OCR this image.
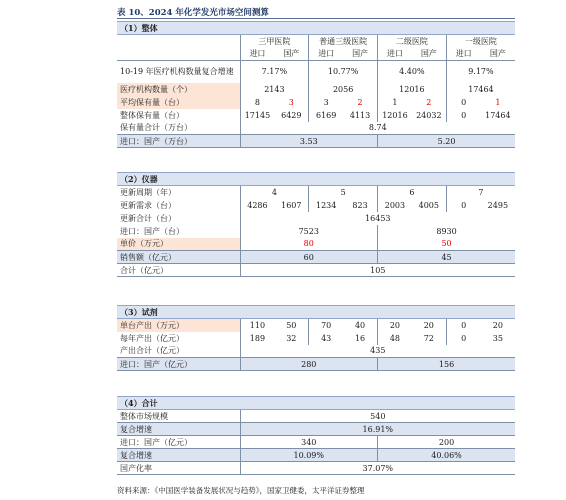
表 10、2024 年化学发光市场空间测算
（1）整体								
	三甲医院		普通三级医院		二级医院		一级医院	
	进口	国产	进口	国产	进口	国产	进口	国产
10-19 年医疗机构数量复合增速	7.17%		10.77%		4.40%		9.17%	
医疗机构数量（个）	2143		2056		12016		17464	
平均保有量（台）	8	3	3	2	1	2	0	1
整体保有量（台）	17145	6429	6169	4113	12016	24032	0	17464
保有量合计（万台）	8.74							
进口：国产（万台）	3.53				5.20			
（2）仪器								
更新周期（年）	4		5		6		7	
更新需求（台）	4286	1607	1234	823	2003	4005	0	2495
更新合计（台）	16453							
进口：国产（台）	7523				8930			
单价（万元）	80				50			
销售额（亿元）	60				45			
合计（亿元）	105							
（3）试剂								
单台产出（万元）	110	50	70	40	20	20	0	20
每年产出（亿元）	189	32	43	16	48	72	0	35
产出合计（亿元）	435							
进口：国产（亿元）	280				156			
（4）合计		
整体市场规模	540	
复合增速	16.91%	
进口：国产（亿元）	340	200
复合增速	10.09%	40.06%
国产化率	37.07%	
资料来源：《中国医学装备发展状况与趋势》，国家卫健委，太平洋证券整理
